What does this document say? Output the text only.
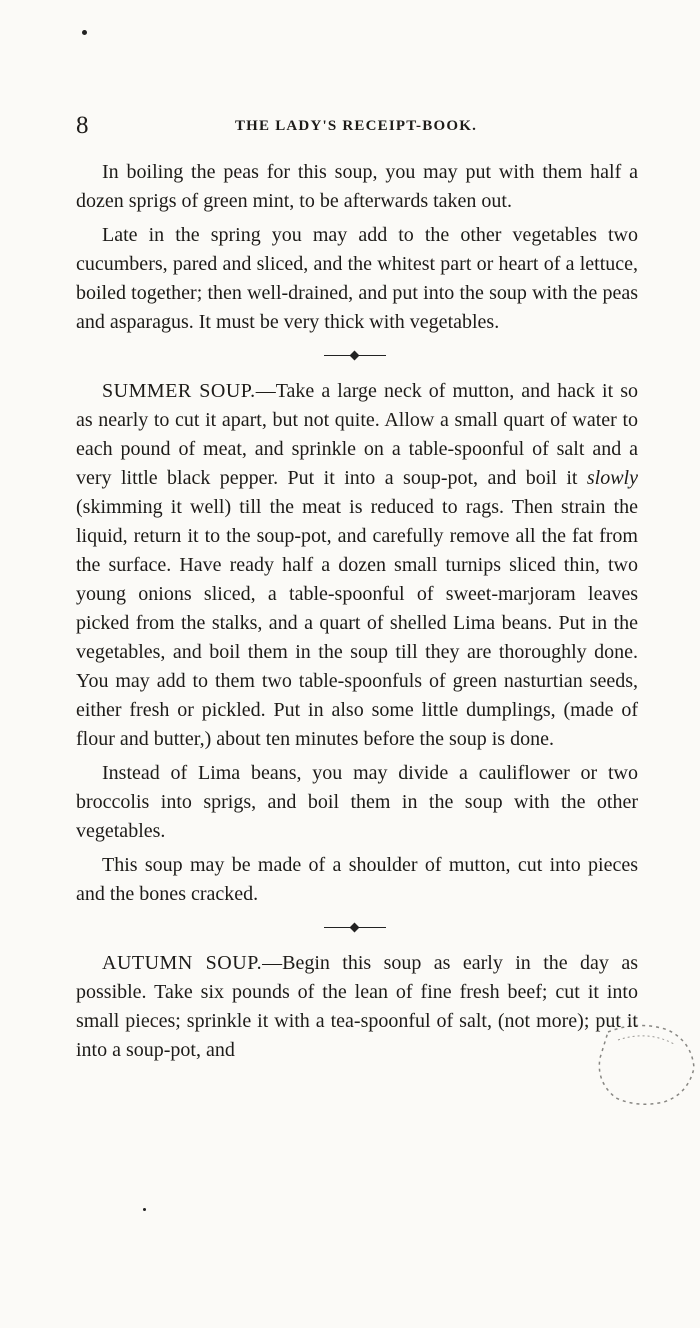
8	THE LADY'S RECEIPT-BOOK.

In boiling the peas for this soup, you may put with them half a dozen sprigs of green mint, to be afterwards taken out.

Late in the spring you may add to the other vegetables two cucumbers, pared and sliced, and the whitest part or heart of a lettuce, boiled together; then well-drained, and put into the soup with the peas and asparagus. It must be very thick with vegetables.

SUMMER SOUP.—Take a large neck of mutton, and hack it so as nearly to cut it apart, but not quite. Allow a small quart of water to each pound of meat, and sprinkle on a table-spoonful of salt and a very little black pepper. Put it into a soup-pot, and boil it slowly (skimming it well) till the meat is reduced to rags. Then strain the liquid, return it to the soup-pot, and carefully remove all the fat from the surface. Have ready half a dozen small turnips sliced thin, two young onions sliced, a table-spoonful of sweet-marjoram leaves picked from the stalks, and a quart of shelled Lima beans. Put in the vegetables, and boil them in the soup till they are thoroughly done. You may add to them two table-spoonfuls of green nasturtian seeds, either fresh or pickled. Put in also some little dumplings, (made of flour and butter,) about ten minutes before the soup is done.

Instead of Lima beans, you may divide a cauliflower or two broccolis into sprigs, and boil them in the soup with the other vegetables.

This soup may be made of a shoulder of mutton, cut into pieces and the bones cracked.

AUTUMN SOUP.—Begin this soup as early in the day as possible. Take six pounds of the lean of fine fresh beef; cut it into small pieces; sprinkle it with a tea-spoonful of salt, (not more); put it into a soup-pot, and
